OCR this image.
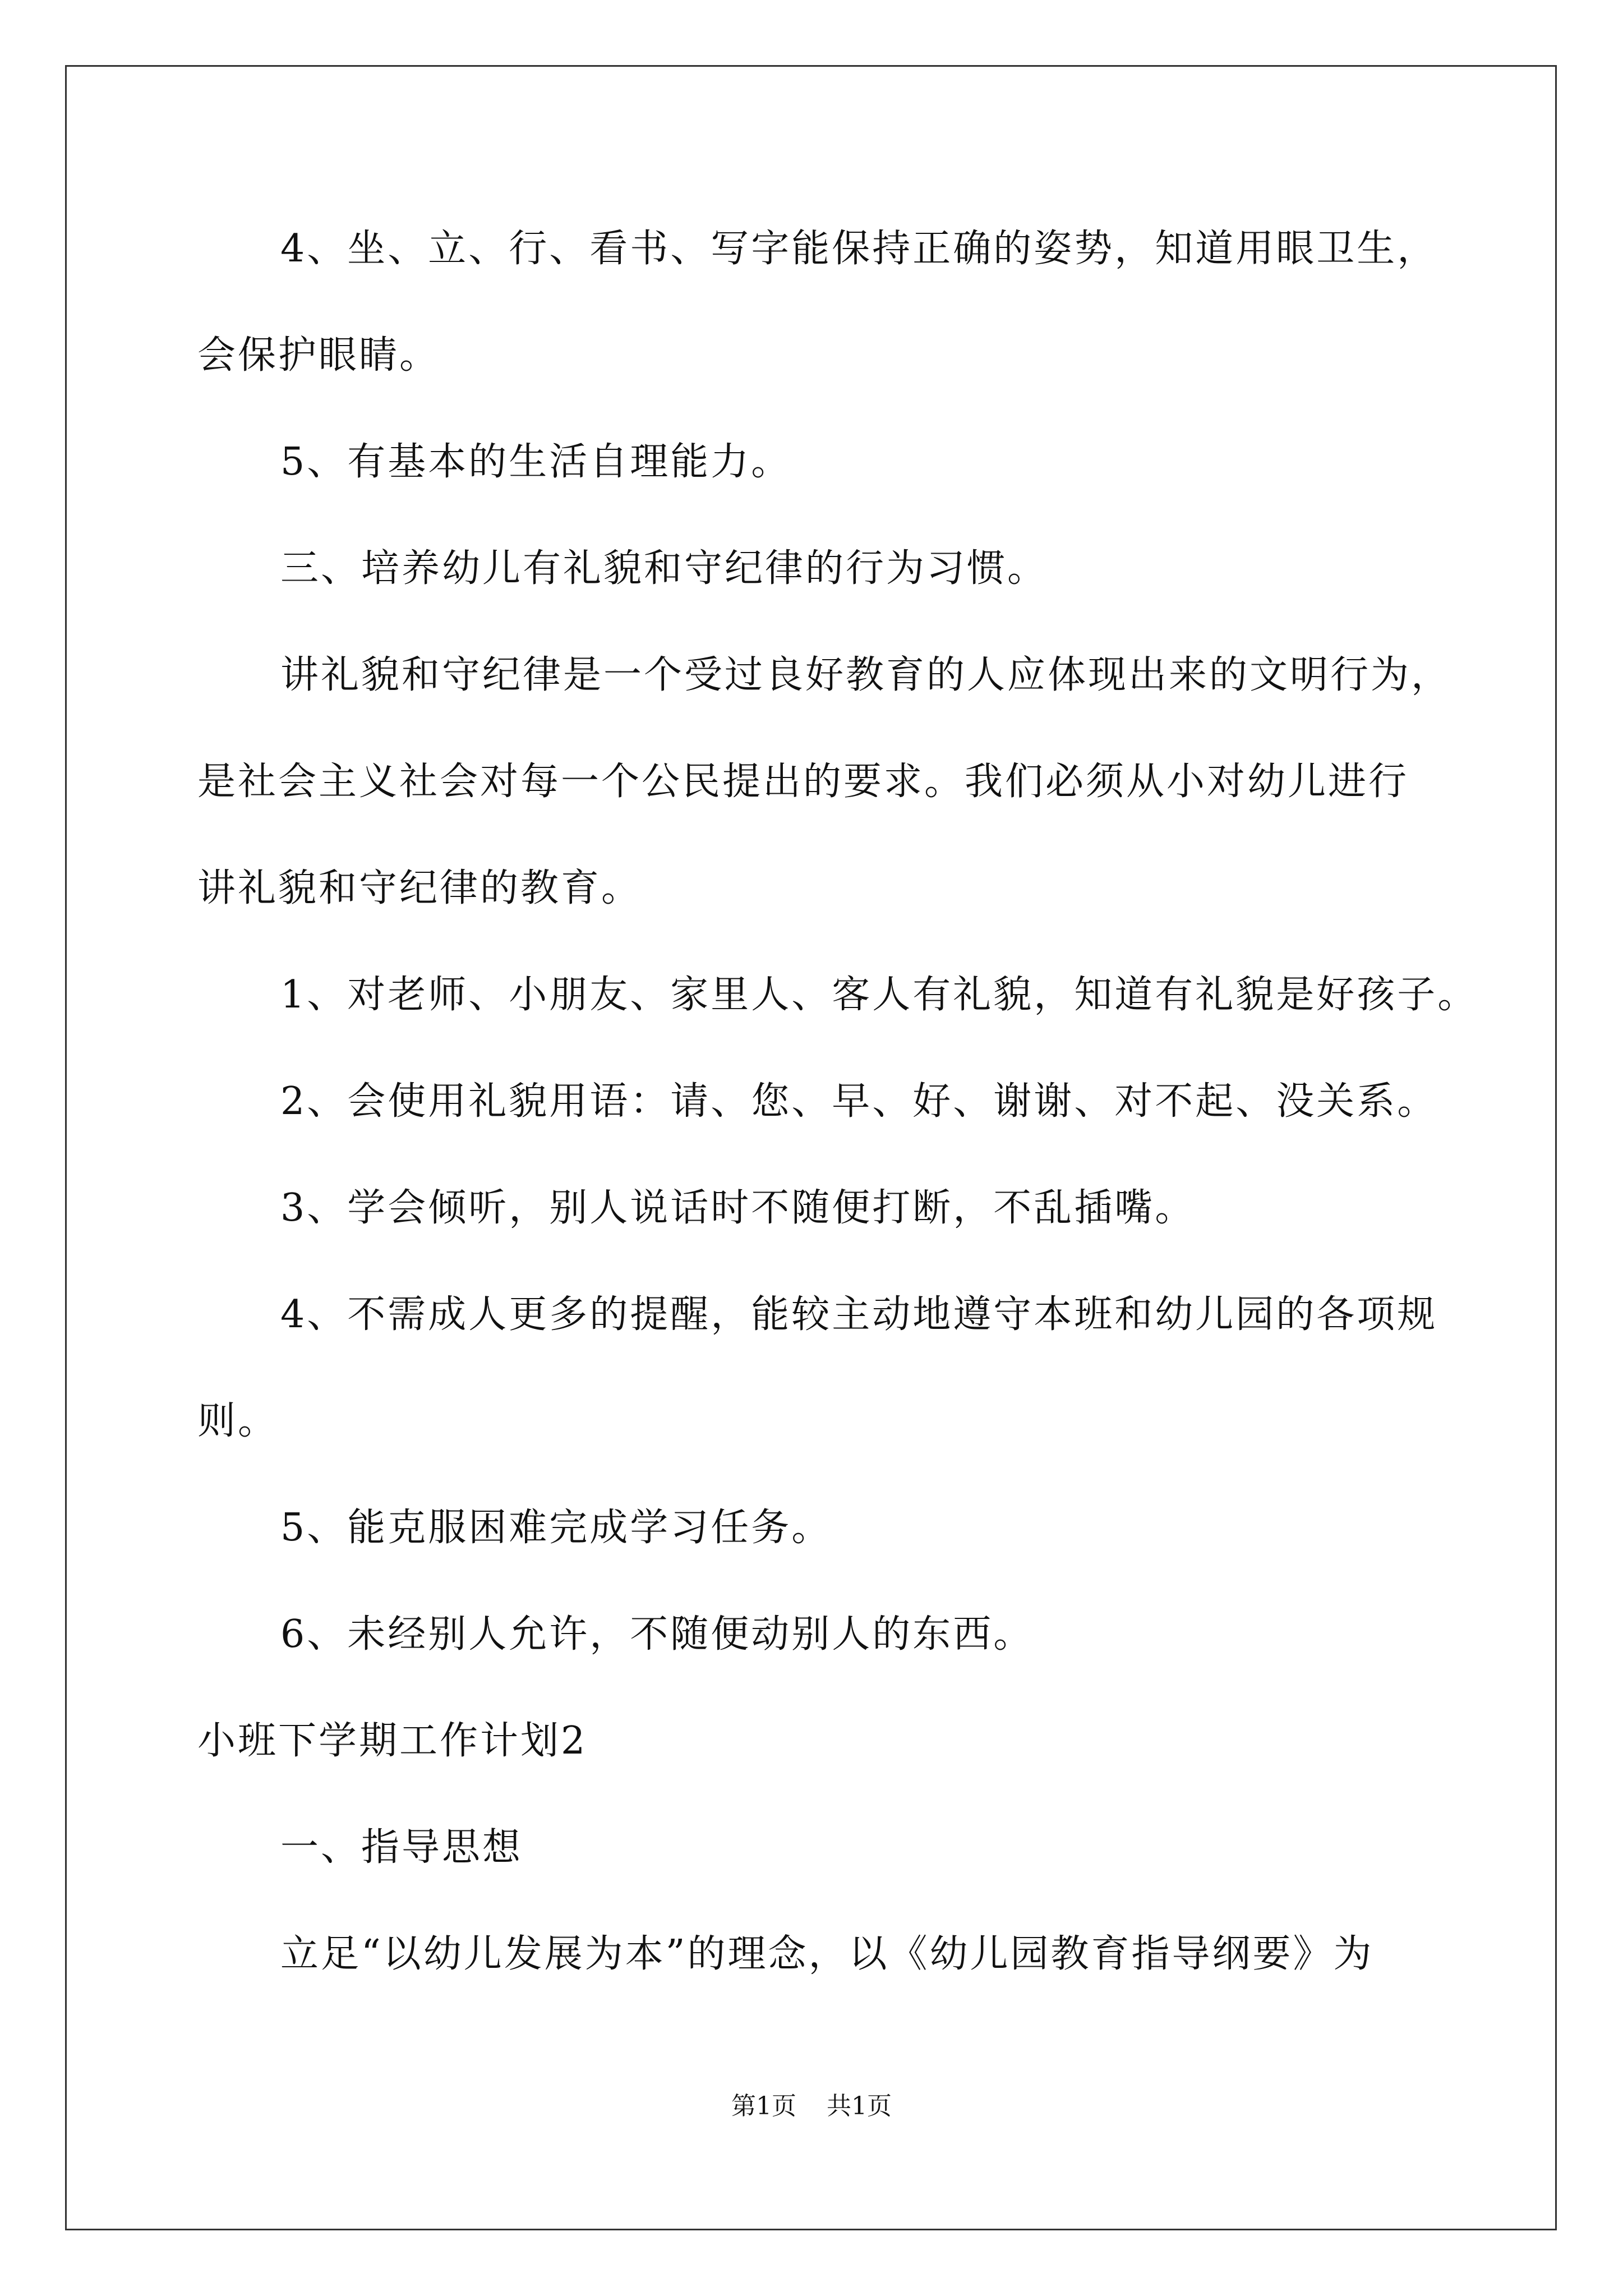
4、坐、立、行、看书、写字能保持正确的姿势，知道用眼卫生，
会保护眼睛。
5、有基本的生活自理能力。
三、培养幼儿有礼貌和守纪律的行为习惯。
讲礼貌和守纪律是一个受过良好教育的人应体现出来的文明行为，
是社会主义社会对每一个公民提出的要求。我们必须从小对幼儿进行
讲礼貌和守纪律的教育。
1、对老师、小朋友、家里人、客人有礼貌，知道有礼貌是好孩子。
2、会使用礼貌用语：请、您、早、好、谢谢、对不起、没关系。
3、学会倾听，别人说话时不随便打断，不乱插嘴。
4、不需成人更多的提醒，能较主动地遵守本班和幼儿园的各项规
则。
5、能克服困难完成学习任务。
6、未经别人允许，不随便动别人的东西。
小班下学期工作计划2
一、指导思想
立足“以幼儿发展为本”的理念，以《幼儿园教育指导纲要》为
第1页 共1页
